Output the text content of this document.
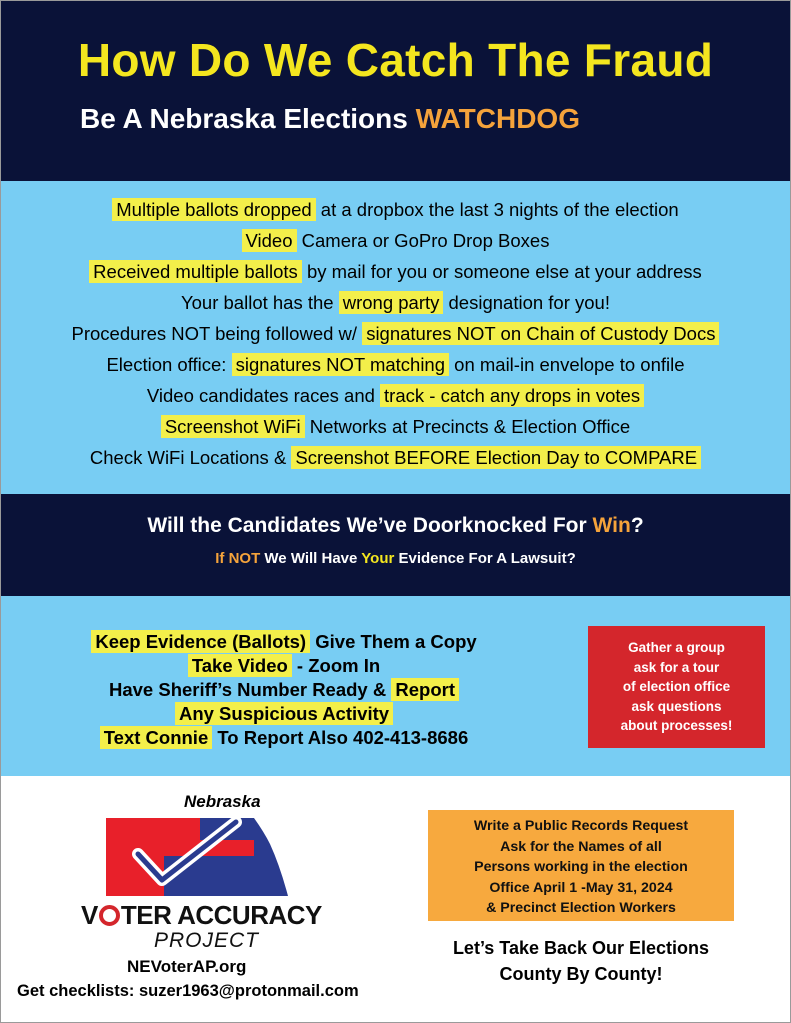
How Do We Catch The Fraud
Be A Nebraska Elections WATCHDOG
Multiple ballots dropped at a dropbox the last 3 nights of the election
Video Camera or GoPro Drop Boxes
Received multiple ballots by mail for you or someone else at your address
Your ballot has the wrong party designation for you!
Procedures NOT being followed w/ signatures NOT on Chain of Custody Docs
Election office: signatures NOT matching on mail-in envelope to onfile
Video candidates races and track - catch any drops in votes
Screenshot WiFi Networks at Precincts & Election Office
Check WiFi Locations & Screenshot BEFORE Election Day to COMPARE
Will the Candidates We’ve Doorknocked For Win?
If NOT We Will Have Your Evidence For A Lawsuit?
Keep Evidence (Ballots) Give Them a Copy
Take Video - Zoom In
Have Sheriff’s Number Ready & Report
Any Suspicious Activity
Text Connie To Report Also 402-413-8686
Gather a group
ask for a tour
of election office
ask questions
about processes!
Nebraska
V TER ACCURACY
PROJECT
NEVoterAP.org
Get checklists: suzer1963@protonmail.com
Write a Public Records Request
Ask for the Names of all
Persons working in the election
Office April 1 -May 31, 2024
& Precinct Election Workers
Let’s Take Back Our Elections
County By County!
